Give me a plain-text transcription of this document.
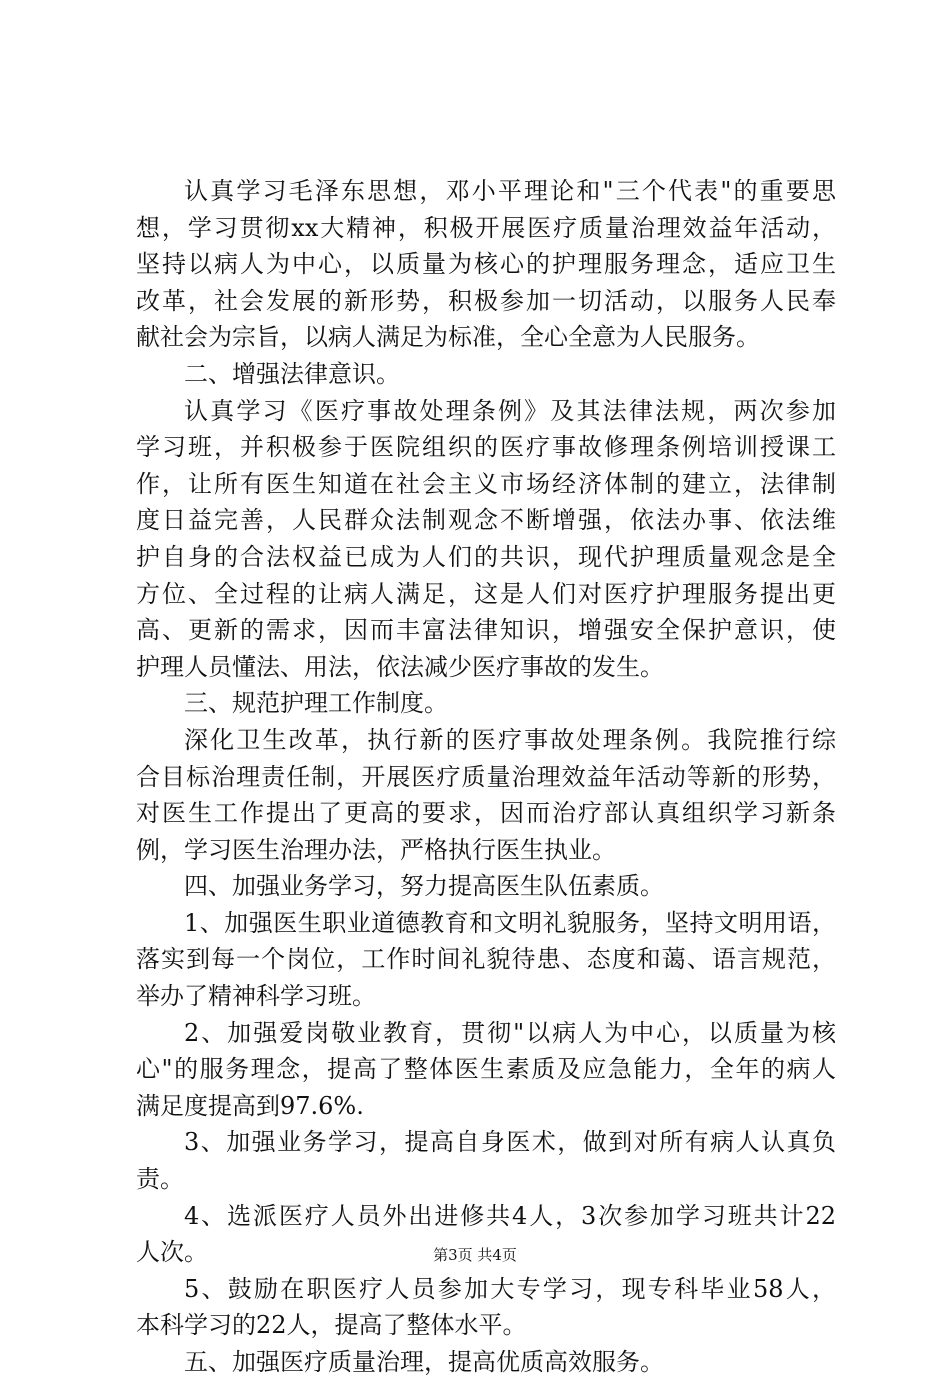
认真学习毛泽东思想，邓小平理论和"三个代表"的重要思
想，学习贯彻xx大精神，积极开展医疗质量治理效益年活动，
坚持以病人为中心，以质量为核心的护理服务理念，适应卫生
改革，社会发展的新形势，积极参加一切活动，以服务人民奉
献社会为宗旨，以病人满足为标准，全心全意为人民服务。
二、增强法律意识。
认真学习《医疗事故处理条例》及其法律法规，两次参加
学习班，并积极参于医院组织的医疗事故修理条例培训授课工
作，让所有医生知道在社会主义市场经济体制的建立，法律制
度日益完善，人民群众法制观念不断增强，依法办事、依法维
护自身的合法权益已成为人们的共识，现代护理质量观念是全
方位、全过程的让病人满足，这是人们对医疗护理服务提出更
高、更新的需求，因而丰富法律知识，增强安全保护意识，使
护理人员懂法、用法，依法减少医疗事故的发生。
三、规范护理工作制度。
深化卫生改革，执行新的医疗事故处理条例。我院推行综
合目标治理责任制，开展医疗质量治理效益年活动等新的形势，
对医生工作提出了更高的要求，因而治疗部认真组织学习新条
例，学习医生治理办法，严格执行医生执业。
四、加强业务学习，努力提高医生队伍素质。
1、加强医生职业道德教育和文明礼貌服务，坚持文明用语，
落实到每一个岗位，工作时间礼貌待患、态度和蔼、语言规范，
举办了精神科学习班。
2、加强爱岗敬业教育，贯彻"以病人为中心，以质量为核
心"的服务理念，提高了整体医生素质及应急能力，全年的病人
满足度提高到97.6%.
3、加强业务学习，提高自身医术，做到对所有病人认真负
责。
4、选派医疗人员外出进修共4人，3次参加学习班共计22
人次。
5、鼓励在职医疗人员参加大专学习，现专科毕业58人，
本科学习的22人，提高了整体水平。
五、加强医疗质量治理，提高优质高效服务。
第3页 共4页
